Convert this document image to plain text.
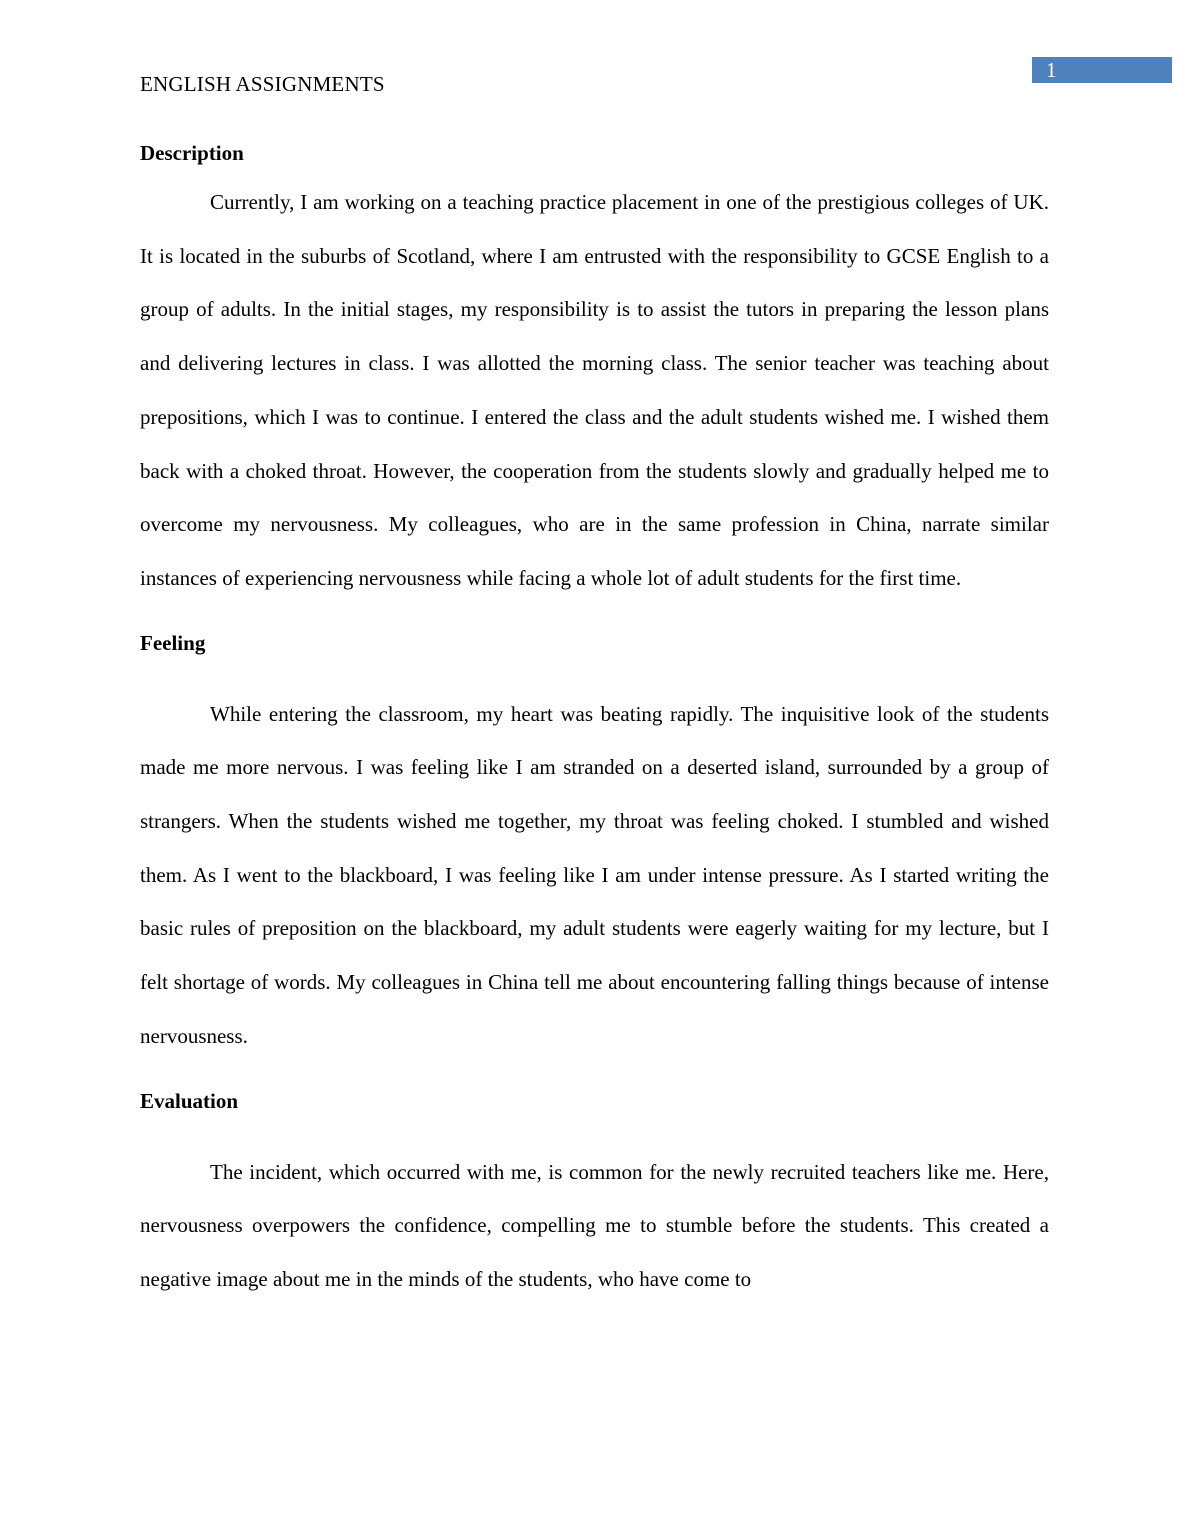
1
ENGLISH ASSIGNMENTS
Description

Currently, I am working on a teaching practice placement in one of the prestigious colleges of UK. It is located in the suburbs of Scotland, where I am entrusted with the responsibility to GCSE English to a group of adults. In the initial stages, my responsibility is to assist the tutors in preparing the lesson plans and delivering lectures in class. I was allotted the morning class. The senior teacher was teaching about prepositions, which I was to continue. I entered the class and the adult students wished me. I wished them back with a choked throat. However, the cooperation from the students slowly and gradually helped me to overcome my nervousness. My colleagues, who are in the same profession in China, narrate similar instances of experiencing nervousness while facing a whole lot of adult students for the first time.

Feeling

While entering the classroom, my heart was beating rapidly. The inquisitive look of the students made me more nervous. I was feeling like I am stranded on a deserted island, surrounded by a group of strangers. When the students wished me together, my throat was feeling choked. I stumbled and wished them. As I went to the blackboard, I was feeling like I am under intense pressure. As I started writing the basic rules of preposition on the blackboard, my adult students were eagerly waiting for my lecture, but I felt shortage of words. My colleagues in China tell me about encountering falling things because of intense nervousness.

Evaluation

The incident, which occurred with me, is common for the newly recruited teachers like me. Here, nervousness overpowers the confidence, compelling me to stumble before the students. This created a negative image about me in the minds of the students, who have come to
